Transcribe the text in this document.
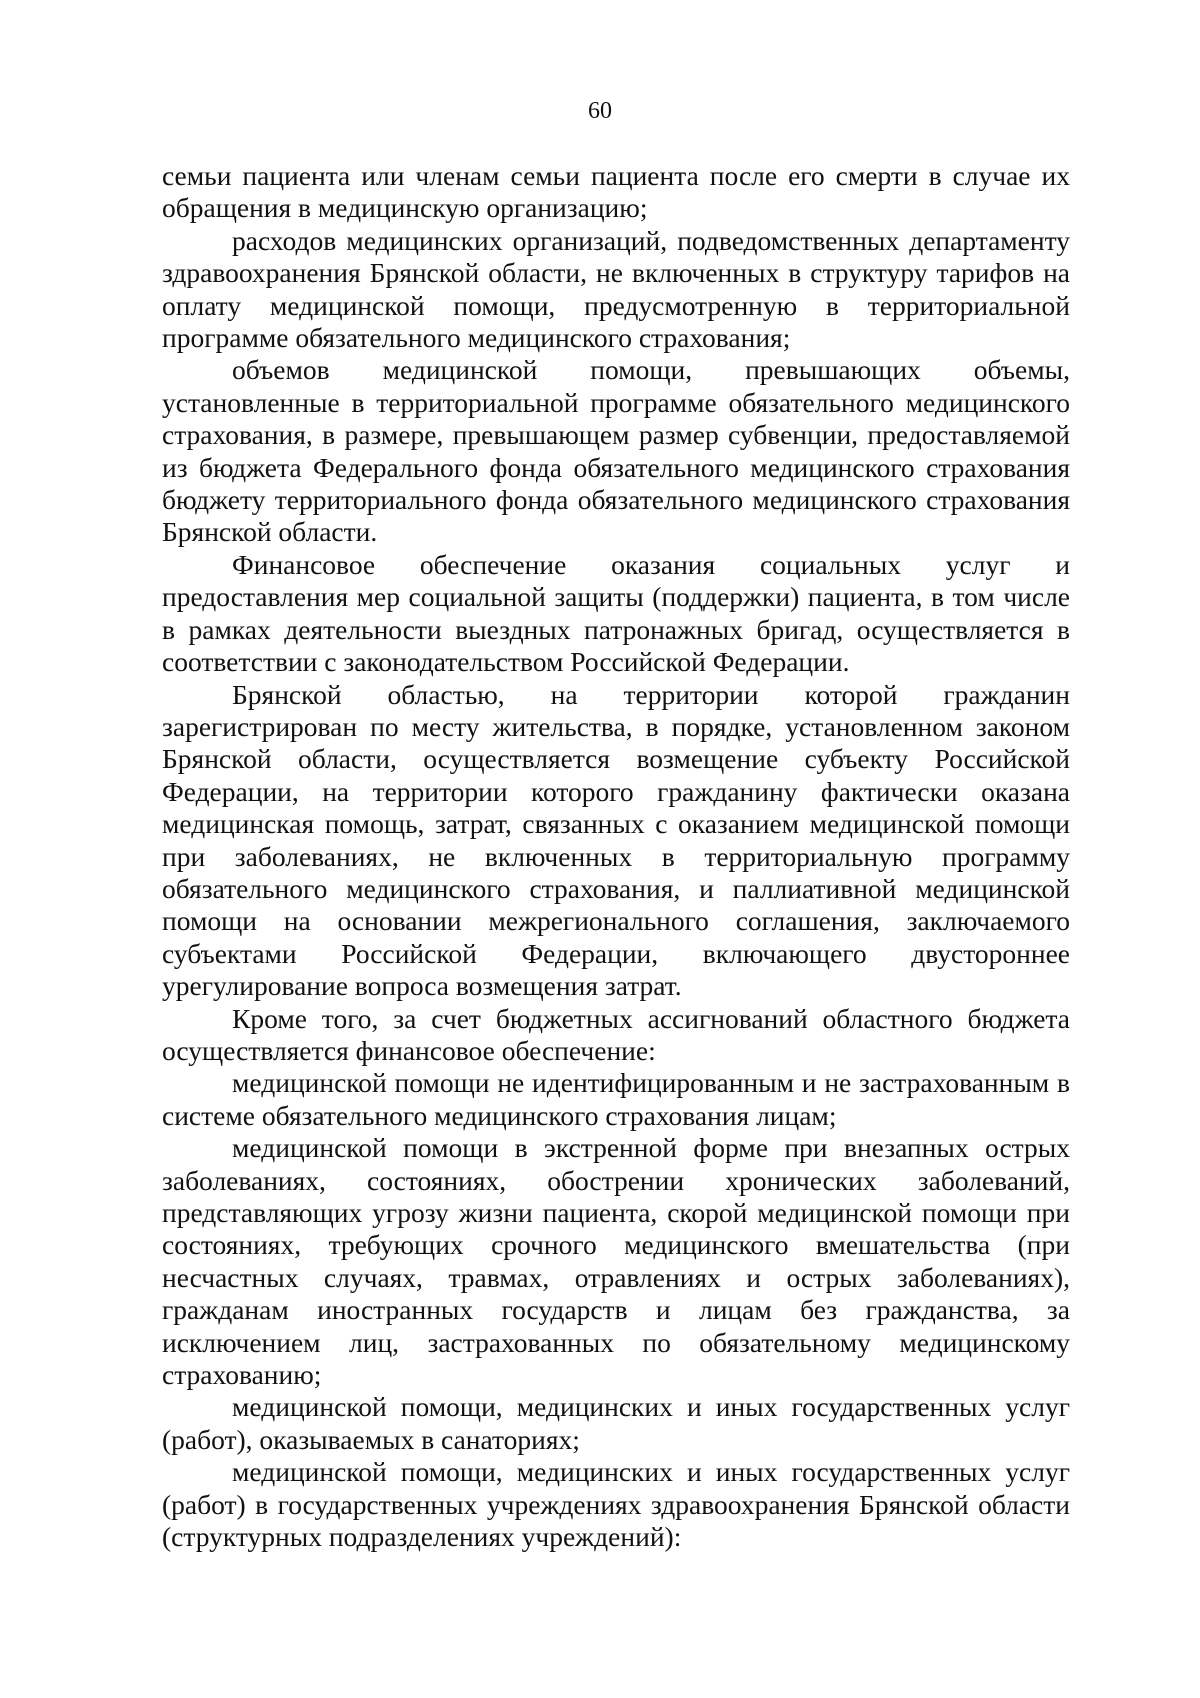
60

семьи пациента или членам семьи пациента после его смерти в случае их обращения в медицинскую организацию;

расходов медицинских организаций, подведомственных департаменту здравоохранения Брянской области, не включенных в структуру тарифов на оплату медицинской помощи, предусмотренную в территориальной программе обязательного медицинского страхования;

объемов медицинской помощи, превышающих объемы, установленные в территориальной программе обязательного медицинского страхования, в размере, превышающем размер субвенции, предоставляемой из бюджета Федерального фонда обязательного медицинского страхования бюджету территориального фонда обязательного медицинского страхования Брянской области.

Финансовое обеспечение оказания социальных услуг и предоставления мер социальной защиты (поддержки) пациента, в том числе в рамках деятельности выездных патронажных бригад, осуществляется в соответствии с законодательством Российской Федерации.

Брянской областью, на территории которой гражданин зарегистрирован по месту жительства, в порядке, установленном законом Брянской области, осуществляется возмещение субъекту Российской Федерации, на территории которого гражданину фактически оказана медицинская помощь, затрат, связанных с оказанием медицинской помощи при заболеваниях, не включенных в территориальную программу обязательного медицинского страхования, и паллиативной медицинской помощи на основании межрегионального соглашения, заключаемого субъектами Российской Федерации, включающего двустороннее урегулирование вопроса возмещения затрат.

Кроме того, за счет бюджетных ассигнований областного бюджета осуществляется финансовое обеспечение:

медицинской помощи не идентифицированным и не застрахованным в системе обязательного медицинского страхования лицам;

медицинской помощи в экстренной форме при внезапных острых заболеваниях, состояниях, обострении хронических заболеваний, представляющих угрозу жизни пациента, скорой медицинской помощи при состояниях, требующих срочного медицинского вмешательства (при несчастных случаях, травмах, отравлениях и острых заболеваниях), гражданам иностранных государств и лицам без гражданства, за исключением лиц, застрахованных по обязательному медицинскому страхованию;

медицинской помощи, медицинских и иных государственных услуг (работ), оказываемых в санаториях;

медицинской помощи, медицинских и иных государственных услуг (работ) в государственных учреждениях здравоохранения Брянской области (структурных подразделениях учреждений):
